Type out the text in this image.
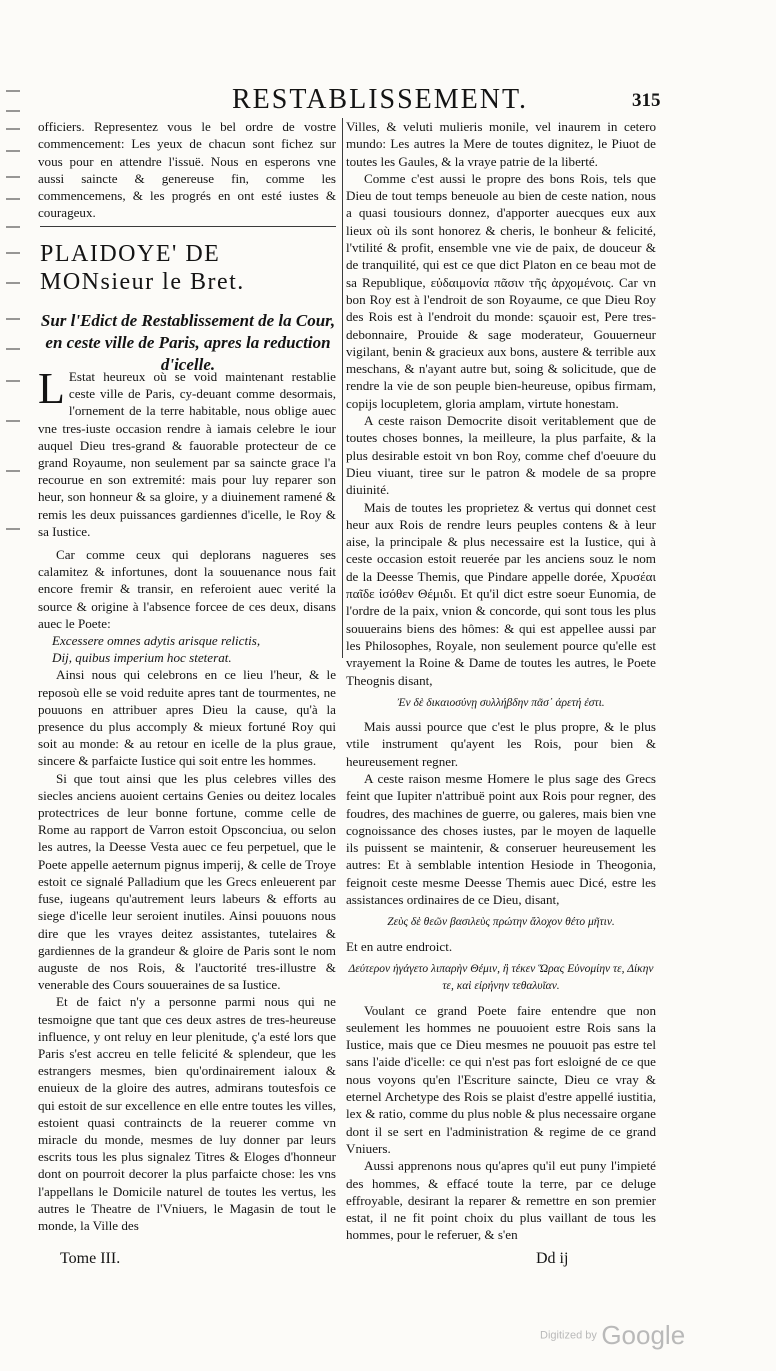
RESTABLISSEMENT.	315

officiers. Representez vous le bel ordre de vostre commencement: Les yeux de chacun sont fichez sur vous pour en attendre l'issuë. Nous en esperons vne aussi saincte & genereuse fin, comme les commencemens, & les progrés en ont esté iustes & courageux.

PLAIDOYE' DE MONsieur le Bret.
Sur l'Edict de Restablissement de la Cour, en ceste ville de Paris, apres la reduction d'icelle.

L Estat heureux où se void maintenant restablie ceste ville de Paris, cy-deuant comme desormais, l'ornement de la terre habitable, nous oblige auec vne tres-iuste occasion rendre à iamais celebre le iour auquel Dieu tres-grand & fauorable protecteur de ce grand Royaume, non seulement par sa saincte grace l'a recourue en son extremité: mais pour luy reparer son heur, son honneur & sa gloire, y a diuinement ramené & remis les deux puissances gardiennes d'icelle, le Roy & sa Iustice.

Car comme ceux qui deplorans nagueres ses calamitez & infortunes, dont la souuenance nous fait encore fremir & transir, en referoient auec verité la source & origine à l'absence forcee de ces deux, disans auec le Poete:

Excessere omnes adytis arisque relictis,

Dij, quibus imperium hoc steterat.

Ainsi nous qui celebrons en ce lieu l'heur, & le reposoù elle se void reduite apres tant de tourmentes, ne pouuons en attribuer apres Dieu la cause, qu'à la presence du plus accomply & mieux fortuné Roy qui soit au monde: & au retour en icelle de la plus graue, sincere & parfaicte Iustice qui soit entre les hommes.

Si que tout ainsi que les plus celebres villes des siecles anciens auoient certains Genies ou deitez locales protectrices de leur bonne fortune, comme celle de Rome au rapport de Varron estoit Opsconciua, ou selon les autres, la Deesse Vesta auec ce feu perpetuel, que le Poete appelle aeternum pignus imperij, & celle de Troye estoit ce signalé Palladium que les Grecs enleuerent par fuse, iugeans qu'autrement leurs labeurs & efforts au siege d'icelle leur seroient inutiles. Ainsi pouuons nous dire que les vrayes deitez assistantes, tutelaires & gardiennes de la grandeur & gloire de Paris sont le nom auguste de nos Rois, & l'auctorité tres-illustre & venerable des Cours souueraines de sa Iustice.

Et de faict n'y a personne parmi nous qui ne tesmoigne que tant que ces deux astres de tres-heureuse influence, y ont reluy en leur plenitude, ç'a esté lors que Paris s'est accreu en telle felicité & splendeur, que les estrangers mesmes, bien qu'ordinairement ialoux & enuieux de la gloire des autres, admirans toutesfois ce qui estoit de sur excellence en elle entre toutes les villes, estoient quasi contraincts de la reuerer comme vn miracle du monde, mesmes de luy donner par leurs escrits tous les plus signalez Titres & Eloges d'honneur dont on pourroit decorer la plus parfaicte chose: les vns l'appellans le Domicile naturel de toutes les vertus, les autres le Theatre de l'Vniuers, le Magasin de tout le monde, la Ville des

Villes, & veluti mulieris monile, vel inaurem in cetero mundo: Les autres la Mere de toutes dignitez, le Piuot de toutes les Gaules, & la vraye patrie de la liberté.

Comme c'est aussi le propre des bons Rois, tels que Dieu de tout temps beneuole au bien de ceste nation, nous a quasi tousiours donnez, d'apporter auecques eux aux lieux où ils sont honorez & cheris, le bonheur & felicité, l'vtilité & profit, ensemble vne vie de paix, de douceur & de tranquilité, qui est ce que dict Platon en ce beau mot de sa Republique, εὐδαιμονία πᾶσιν τῆς ἀρχομένοις. Car vn bon Roy est à l'endroit de son Royaume, ce que Dieu Roy des Rois est à l'endroit du monde: sçauoir est, Pere tres-debonnaire, Prouide & sage moderateur, Gouuerneur vigilant, benin & gracieux aux bons, austere & terrible aux meschans, & n'ayant autre but, soing & solicitude, que de rendre la vie de son peuple bien-heureuse, opibus firmam, copijs locupletem, gloria amplam, virtute honestam.

A ceste raison Democrite disoit veritablement que de toutes choses bonnes, la meilleure, la plus parfaite, & la plus desirable estoit vn bon Roy, comme chef d'oeuure du Dieu viuant, tiree sur le patron & modele de sa propre diuinité.

Mais de toutes les proprietez & vertus qui donnet cest heur aux Rois de rendre leurs peuples contens & à leur aise, la principale & plus necessaire est la Iustice, qui à ceste occasion estoit reuerée par les anciens souz le nom de la Deesse Themis, que Pindare appelle dorée, Χρυσέαι παῖδε ἰσόθεν Θέμιδι. Et qu'il dict estre soeur Eunomia, de l'ordre de la paix, vnion & concorde, qui sont tous les plus souuerains biens des hômes: & qui est appellee aussi par les Philosophes, Royale, non seulement pource qu'elle est vrayement la Roine & Dame de toutes les autres, le Poete Theognis disant,

Ἐν δὲ δικαιοσύνῃ συλλήβδην πᾶσ᾽ ἀρετή ἐστι.

Mais aussi pource que c'est le plus propre, & le plus vtile instrument qu'ayent les Rois, pour bien & heureusement regner.

A ceste raison mesme Homere le plus sage des Grecs feint que Iupiter n'attribuë point aux Rois pour regner, des foudres, des machines de guerre, ou galeres, mais bien vne cognoissance des choses iustes, par le moyen de laquelle ils puissent se maintenir, & conseruer heureusement les autres: Et à semblable intention Hesiode in Theogonia, feignoit ceste mesme Deesse Themis auec Dicé, estre les assistances ordinaires de ce Dieu, disant,

Ζεὺς δὲ θεῶν βασιλεὺς πρώτην ἄλοχον θέτο μῆτιν.

Et en autre endroict.

Δεύτερον ἠγάγετο λιπαρὴν Θέμιν, ἣ τέκεν Ὥρας Εὐνομίην τε, Δίκην τε, καὶ εἰρήνην τεθαλυῖαν.

Voulant ce grand Poete faire entendre que non seulement les hommes ne pouuoient estre Rois sans la Iustice, mais que ce Dieu mesmes ne pouuoit pas estre tel sans l'aide d'icelle: ce qui n'est pas fort esloigné de ce que nous voyons qu'en l'Escriture saincte, Dieu ce vray & eternel Archetype des Rois se plaist d'estre appellé iustitia, lex & ratio, comme du plus noble & plus necessaire organe dont il se sert en l'administration & regime de ce grand Vniuers.

Aussi apprenons nous qu'apres qu'il eut puny l'impieté des hommes, & effacé toute la terre, par ce deluge effroyable, desirant la reparer & remettre en son premier estat, il ne fit point choix du plus vaillant de tous les hommes, pour le referuer, & s'en

Tome III.	Dd ij
Digitized by Google
